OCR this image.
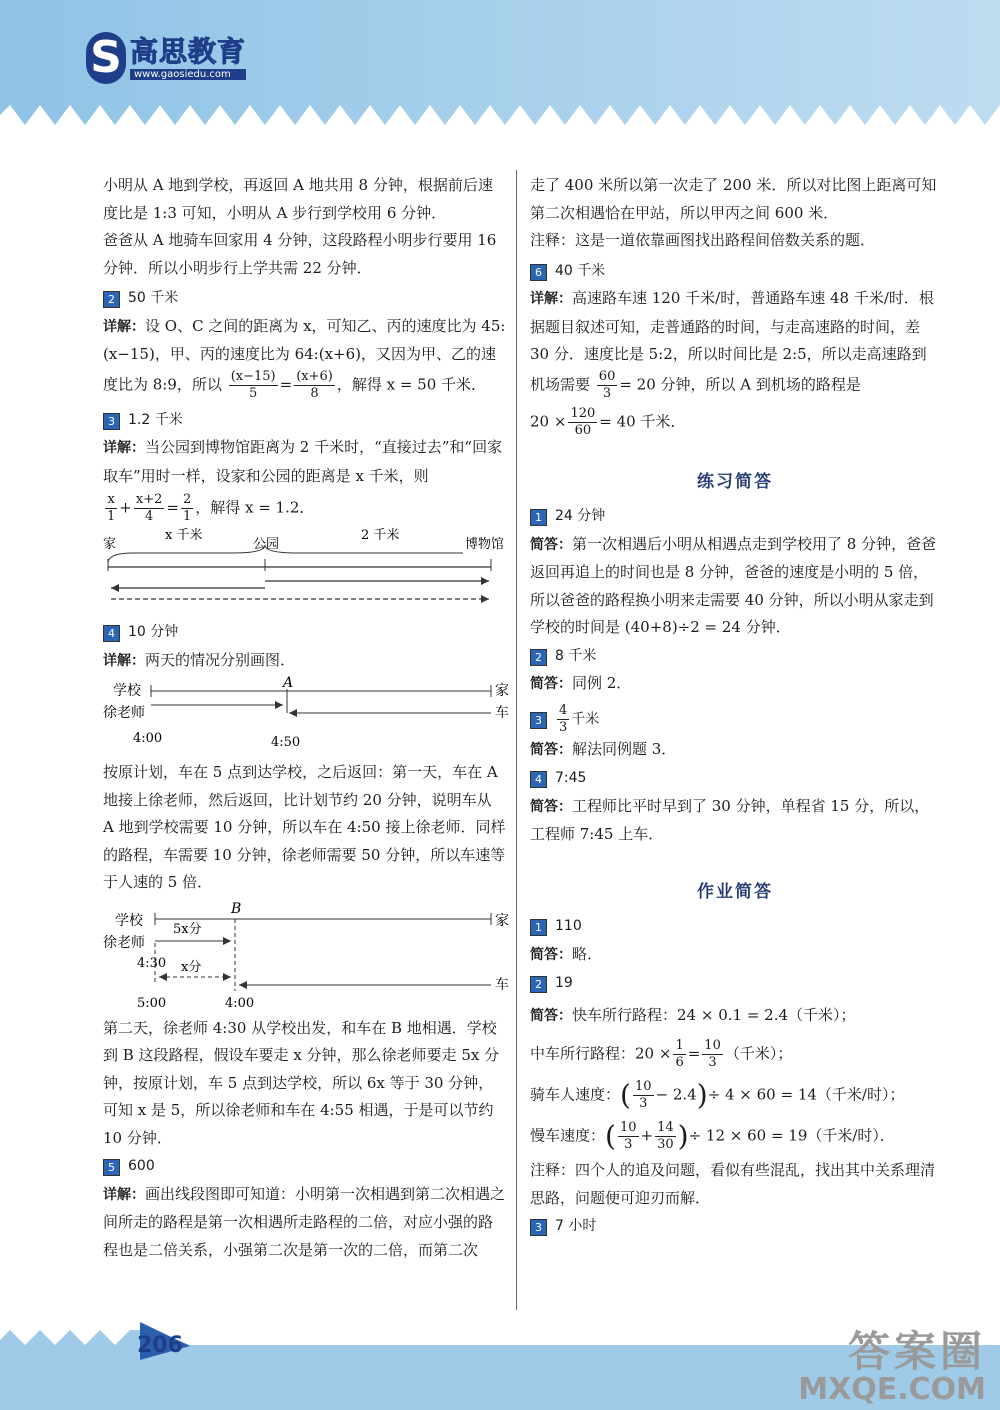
S 高思教育
www.gaosiedu.com

小明从 A 地到学校，再返回 A 地共用 8 分钟，根据前后速度比是 1:3 可知，小明从 A 步行到学校用 6 分钟．

爸爸从 A 地骑车回家用 4 分钟，这段路程小明步行要用 16 分钟．所以小明步行上学共需 22 分钟．

2 50 千米

详解：设 O、C 之间的距离为 x，可知乙、丙的速度比为 45:(x−15)，甲、丙的速度比为 64:(x+6)，又因为甲、乙的速度比为 8:9，所以 $\frac{(x-15)}{5} = \frac{(x+6)}{8}$ ，解得 x = 50 千米．

3 1.2 千米

详解：当公园到博物馆距离为 2 千米时，“直接过去”和“回家取车”用时一样，设家和公园的距离是 x 千米，则

$\frac{x}{1} + \frac{x+2}{4} = \frac{2}{1}$ ，解得 x = 1.2．

家
x 千米
公园
2 千米
博物馆

4 10 分钟

详解：两天的情况分别画图．

学校
徐老师
A	家
车
4:00	4:50

按原计划，车在 5 点到达学校，之后返回：第一天，车在 A 地接上徐老师，然后返回，比计划节约 20 分钟，说明车从 A 地到学校需要 10 分钟，所以车在 4:50 接上徐老师．同样的路程，车需要 10 分钟，徐老师需要 50 分钟，所以车速等于人速的 5 倍．

学校
徐老师
B
家
车
5x分
x分
4:30
5:00	4:00

第二天，徐老师 4:30 从学校出发，和车在 B 地相遇．学校到 B 这段路程，假设车要走 x 分钟，那么徐老师要走 5x 分钟，按原计划，车 5 点到达学校，所以 6x 等于 30 分钟，可知 x 是 5，所以徐老师和车在 4:55 相遇，于是可以节约 10 分钟．

5 600

详解：画出线段图即可知道：小明第一次相遇到第二次相遇之间所走的路程是第一次相遇所走路程的二倍，对应小强的路程也是二倍关系，小强第二次是第一次的二倍，而第二次

走了 400 米所以第一次走了 200 米．所以对比图上距离可知第二次相遇恰在甲站，所以甲丙之间 600 米．

注释：这是一道依靠画图找出路程间倍数关系的题．

6 40 千米

详解：高速路车速 120 千米/时，普通路车速 48 千米/时．根据题目叙述可知，走普通路的时间，与走高速路的时间，差 30 分．速度比是 5:2，所以时间比是 2:5，所以走高速路到机场需要 $\frac{60}{3} = 20$ 分钟，所以 A 到机场的路程是

$20 \times \frac{120}{60} = 40$ 千米．

练习简答

1 24 分钟

简答：第一次相遇后小明从相遇点走到学校用了 8 分钟，爸爸返回再追上的时间也是 8 分钟，爸爸的速度是小明的 5 倍，所以爸爸的路程换小明来走需要 40 分钟，所以小明从家走到学校的时间是 (40+8)÷2 = 24 分钟．

2 8 千米

简答：同例 2．

$3 \frac{4}{3}$ 千米

简答：解法同例题 3．

4 7:45

简答：工程师比平时早到了 30 分钟，单程省 15 分，所以，工程师 7:45 上车．

作业简答

1 110

简答：略．

2 19

简答：快车所行路程：24 × 0.1 = 2.4（千米）；

中车所行路程：$20 \times \frac{1}{6} = \frac{10}{3}$ （千米）；

骑车人速度：( $\frac{10}{3} - 2.4)\div 4 \times 60 = 14$（千米/时）；

慢车速度：( $\frac{10}{3} + \frac{14}{30}$ )÷ 12 × 60 = 19（千米/时）．

注释：四个人的追及问题，看似有些混乱，找出其中关系理清思路，问题便可迎刃而解．

3 7 小时

206	答案圈
MXQE.COM
